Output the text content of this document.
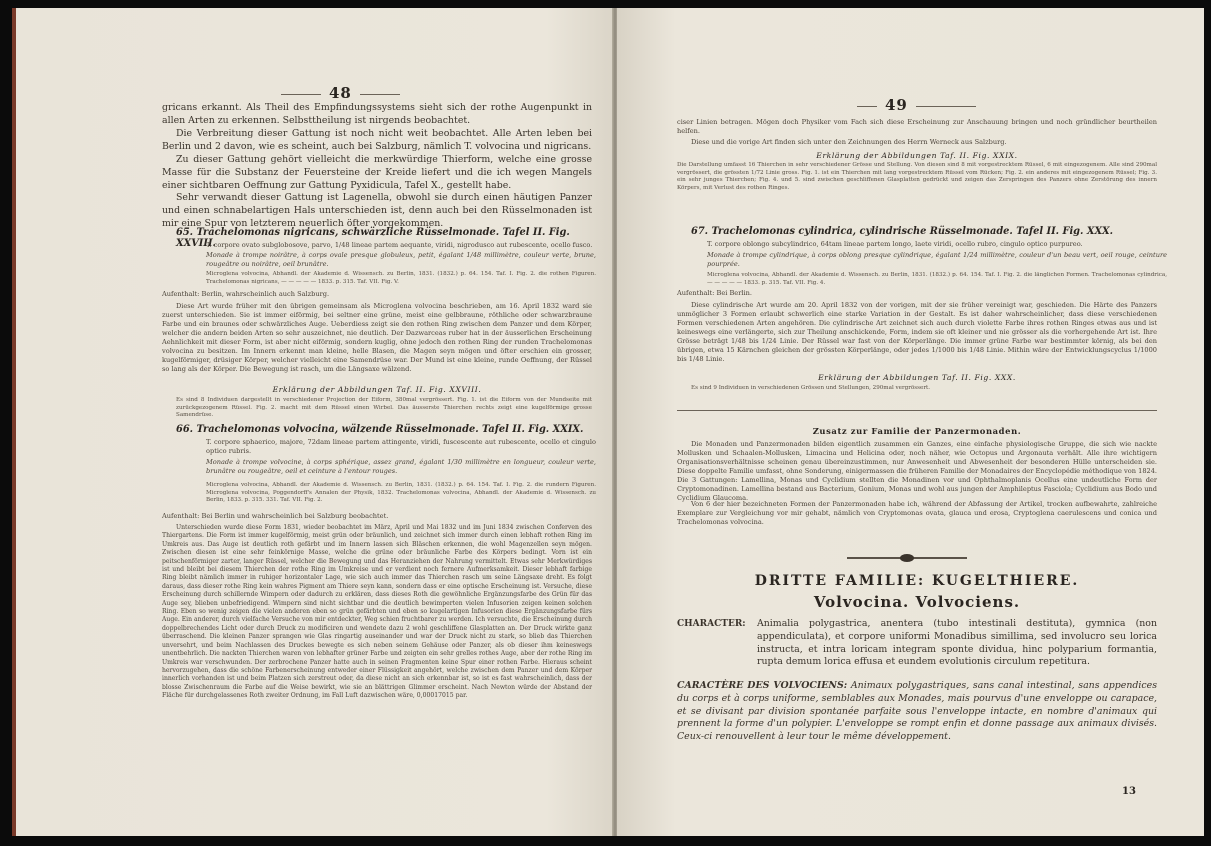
48
gricans erkannt. Als Theil des Empfindungssystems sieht sich der rothe Augenpunkt in allen Arten zu erkennen. Selbsttheilung ist nirgends beobachtet.
Die Verbreitung dieser Gattung ist noch nicht weit beobachtet. Alle Arten leben bei Berlin und 2 davon, wie es scheint, auch bei Salzburg, nämlich T. volvocina und nigricans.
Zu dieser Gattung gehört vielleicht die merkwürdige Thierform, welche eine grosse Masse für die Substanz der Feuersteine der Kreide liefert und die ich wegen Mangels einer sichtbaren Oeffnung zur Gattung Pyxidicula, Tafel X., gestellt habe.
Sehr verwandt dieser Gattung ist Lagenella, obwohl sie durch einen häutigen Panzer und einen schnabelartigen Hals unterschieden ist, denn auch bei den Rüsselmonaden ist mir eine Spur von letzterem neuerlich öfter vorgekommen.
65. Trachelomonas nigricans, schwärzliche Rüsselmonade. Tafel II. Fig. XXVIII.
T. corpore ovato subglobosove, parvo, 1/48 lineae partem aequante, viridi, nigrodusco aut rubescente, ocello fusco.
Monade à trompe noirâtre, à corps ovale presque globuleux, petit, égalant 1/48 millimètre, couleur verte, brune, rougeâtre ou noirâtre, oeil brunâtre.
Microglena volvocina, Abhandl. der Akademie d. Wissensch. zu Berlin, 1831. (1832.) p. 64. 154. Taf. I. Fig. 2. die rothen Figuren. Trachelomonas nigricans, — — — — — 1833. p. 315. Taf. VII. Fig. V.
Aufenthalt: Berlin, wahrscheinlich auch Salzburg.
Diese Art wurde früher mit den übrigen gemeinsam als Microglena volvocina beschrieben, am 16. April 1832 ward sie zuerst unterschieden. Sie ist immer eiförmig, bei seltner eine grüne, meist eine gelbbraune, röthliche oder schwarzbraune Farbe und ein braunes oder schwärzliches Auge. Ueberdiess zeigt sie den rothen Ring zwischen dem Panzer und dem Körper, welcher die andern beiden Arten so sehr auszeichnet, nie deutlich. Der Dazwarceas ruber hat in der äusserlichen Erscheinung Aehnlichkeit mit dieser Form, ist aber nicht eiförmig, sondern kuglig, ohne jedoch den rothen Ring der runden Trachelomonas volvocina zu besitzen. Im Innern erkennt man kleine, helle Blasen, die Magen seyn mögen und öfter erschien ein grosser, kugelförmiger, drüsiger Körper, welcher vielleicht eine Samendrüse war. Der Mund ist eine kleine, runde Oeffnung, der Rüssel so lang als der Körper. Die Bewegung ist rasch, um die Längsaxe wälzend.
Erklärung der Abbildungen Taf. II. Fig. XXVIII.
Es sind 8 Individuen dargestellt in verschiedener Projection der Eiform, 380mal vergrössert. Fig. 1. ist die Eiform von der Mundseite mit zurückgezogenem Rüssel. Fig. 2. macht mit dem Rüssel einen Wirbel. Das äusserste Thierchen rechts zeigt eine kugelförmige grosse Samendrüse.
66. Trachelomonas volvocina, wälzende Rüsselmonade. Tafel II. Fig. XXIX.
T. corpore sphaerico, majore, 72dam lineae partem attingente, viridi, fuscescente aut rubescente, ocello et cingulo optico rubris.
Monade à trompe volvocine, à corps sphérique, assez grand, égalant 1/30 millimètre en longueur, couleur verte, brunâtre ou rougeâtre, oeil et ceinture à l'entour rouges.
Microglena volvocina, Abhandl. der Akademie d. Wissensch. zu Berlin, 1831. (1832.) p. 64. 154. Taf. I. Fig. 2. die rundern Figuren. Microglena volvocina, Poggendorff's Annalen der Physik, 1832. Trachelomonas volvocina, Abhandl. der Akademie d. Wissensch. zu Berlin, 1833. p. 315. 331. Taf. VII. Fig. 2.
Aufenthalt: Bei Berlin und wahrscheinlich bei Salzburg beobachtet.
Unterschieden wurde diese Form 1831, wieder beobachtet im März, April und Mai 1832 und im Juni 1834 zwischen Conferven des Thiergartens. Die Form ist immer kugelförmig, meist grün oder bräunlich, und zeichnet sich immer durch einen lebhaft rothen Ring im Umkreis aus. Das Auge ist deutlich roth gefärbt und im Innern lassen sich Bläschen erkennen, die wohl Magenzellen seyn mögen. Zwischen diesen ist eine sehr feinkörnige Masse, welche die grüne oder bräunliche Farbe des Körpers bedingt. Vorn ist ein peitschenförmiger zarter, langer Rüssel, welcher die Bewegung und das Heranziehen der Nahrung vermittelt. Etwas sehr Merkwürdiges ist und bleibt bei diesem Thierchen der rothe Ring im Umkreise und er verdient noch fernere Aufmerksamkeit. Dieser lebhaft farbige Ring bleibt nämlich immer in ruhiger horizontaler Lage, wie sich auch immer das Thierchen rasch um seine Längsaxe dreht. Es folgt daraus, dass dieser rothe Ring kein wahres Pigment am Thiere seyn kann, sondern dass er eine optische Erscheinung ist. Versuche, diese Erscheinung durch schillernde Wimpern oder dadurch zu erklären, dass dieses Roth die gewöhnliche Ergänzungsfarbe des Grün für das Auge sey, blieben unbefriedigend. Wimpern sind nicht sichtbar und die deutlich bewimperten vielen Infusorien zeigen keinen solchen Ring. Eben so wenig zeigen die vielen anderen eben so grün gefärbten und eben so kugelartigen Infusorien diese Ergänzungsfarbe fürs Auge. Ein anderer, durch vielfache Versuche von mir entdeckter, Weg schien fruchtbarer zu werden. Ich versuchte, die Erscheinung durch doppelbrechendes Licht oder durch Druck zu modificiren und wendete dazu 2 wohl geschliffene Glasplatten an. Der Druck wirkte ganz überraschend. Die kleinen Panzer sprangen wie Glas ringartig auseinander und war der Druck nicht zu stark, so blieb das Thierchen unversehrt, und beim Nachlassen des Druckes bewegte es sich neben seinem Gehäuse oder Panzer, als ob dieser ihm keineswegs unentbehrlich. Die nackten Thierchen waren von lebhafter grüner Farbe und zeigten ein sehr grelles rothes Auge, aber der rothe Ring im Umkreis war verschwunden. Der zerbrochene Panzer hatte auch in seinen Fragmenten keine Spur einer rothen Farbe. Hieraus scheint hervorzugehen, dass die schöne Farbenerscheinung entweder einer Flüssigkeit angehört, welche zwischen dem Panzer und dem Körper innerlich vorhanden ist und beim Platzen sich zerstreut oder, da diese nicht an sich erkennbar ist, so ist es fast wahrscheinlich, dass der blosse Zwischenraum die Farbe auf die Weise bewirkt, wie sie an blättrigen Glimmer erscheint. Nach Newton würde der Abstand der Fläche für durchgelassenes Roth zweiter Ordnung, im Fall Luft dazwischen wäre, 0,00017015 par.
49
ciser Linien betragen. Mögen doch Physiker vom Fach sich diese Erscheinung zur Anschauung bringen und noch gründlicher beurtheilen helfen.
Diese und die vorige Art finden sich unter den Zeichnungen des Herrn Werneck aus Salzburg.
Erklärung der Abbildungen Taf. II. Fig. XXIX.
Die Darstellung umfasst 16 Thierchen in sehr verschiedener Grösse und Stellung. Von diesen sind 8 mit vorgestrecktem Rüssel, 6 mit eingezogenem. Alle sind 290mal vergrössert, die grössten 1/72 Linie gross. Fig. 1. ist ein Thierchen mit lang vorgestrecktem Rüssel vom Rücken; Fig. 2. ein anderes mit eingezogenem Rüssel; Fig. 3. ein sehr junges Thierchen; Fig. 4. und 5. sind zwischen geschliffenen Glasplatten gedrückt und zeigen das Zerspringen des Panzers ohne Zerstörung des innern Körpers, mit Verlust des rothen Ringes.
67. Trachelomonas cylindrica, cylindrische Rüsselmonade. Tafel II. Fig. XXX.
T. corpore oblongo subcylindrico, 64tam lineae partem longo, laete viridi, ocello rubro, cingulo optico purpureo.
Monade à trompe cylindrique, à corps oblong presque cylindrique, égalant 1/24 millimètre, couleur d'un beau vert, oeil rouge, ceinture pourprée.
Microglena volvocina, Abhandl. der Akademie d. Wissensch. zu Berlin, 1831. (1832.) p. 64. 154. Taf. I. Fig. 2. die länglichen Formen. Trachelomonas cylindrica, — — — — — 1833. p. 315. Taf. VII. Fig. 4.
Aufenthalt: Bei Berlin.
Diese cylindrische Art wurde am 20. April 1832 von der vorigen, mit der sie früher vereinigt war, geschieden. Die Härte des Panzers unmöglicher 3 Formen erlaubt schwerlich eine starke Variation in der Gestalt. Es ist daher wahrscheinlicher, dass diese verschiedenen Formen verschiedenen Arten angehören. Die cylindrische Art zeichnet sich auch durch violette Farbe ihres rothen Ringes etwas aus und ist keineswegs eine verlängerte, sich zur Theilung anschickende, Form, indem sie oft kleiner und nie grösser als die vorhergehende Art ist. Ihre Grösse beträgt 1/48 bis 1/24 Linie. Der Rüssel war fast von der Körperlänge. Die immer grüne Farbe war bestimmter körnig, als bei den übrigen, etwa 15 Kärnchen gleichen der grössten Körperlänge, oder jedes 1/1000 bis 1/48 Linie. Mithin wäre der Entwicklungscyclus 1/1000 bis 1/48 Linie.
Erklärung der Abbildungen Taf. II. Fig. XXX.
Es sind 9 Individuen in verschiedenen Grössen und Stellungen, 290mal vergrössert.
Zusatz zur Familie der Panzermonaden.
Die Monaden und Panzermonaden bilden eigentlich zusammen ein Ganzes, eine einfache physiologische Gruppe, die sich wie nackte Mollusken und Schaalen-Mollusken, Limacina und Helicina oder, noch näher, wie Octopus und Argonauta verhält. Alle ihre wichtigern Organisationsverhältnisse scheinen genau übereinzustimmen, nur Anwesenheit und Abwesenheit der besonderen Hülle unterscheiden sie. Diese doppelte Familie umfasst, ohne Sonderung, einigermassen die früheren Familie der Monadaires der Encyclopédie méthodique von 1824. Die 3 Gattungen: Lamellina, Monas und Cyclidium stellten die Monadinen vor und Ophthalmoplanis Ocellus eine undeutliche Form der Cryptomonadinen. Lamellina bestand aus Bacterium, Gonium, Monas und wohl aus jungen der Amphileptus Fasciola; Cyclidium aus Bodo und Cyclidium Glaucoma.
Von 6 der hier bezeichneten Formen der Panzermonaden habe ich, während der Abfassung der Artikel, trocken aufbewahrte, zahlreiche Exemplare zur Vergleichung vor mir gehabt, nämlich von Cryptomonas ovata, glauca und erosa, Cryptoglena caerulescens und conica und Trachelomonas volvocina.
DRITTE FAMILIE: KUGELTHIERE.
Volvocina. Volvociens.
CHARACTER:	Animalia polygastrica, anentera (tubo intestinali destituta), gymnica (non appendiculata), et corpore uniformi Monadibus simillima, sed involucro seu lorica instructa, et intra loricam integram sponte dividua, hinc polyparium formantia, rupta demum lorica effusa et eundem evolutionis circulum repetitura.
CARACTÈRE DES VOLVOCIENS: Animaux polygastriques, sans canal intestinal, sans appendices du corps et à corps uniforme, semblables aux Monades, mais pourvus d'une enveloppe ou carapace, et se divisant par division spontanée parfaite sous l'enveloppe intacte, en nombre d'animaux qui prennent la forme d'un polypier. L'enveloppe se rompt enfin et donne passage aux animaux divisés. Ceux-ci renouvellent à leur tour le même développement.
13
